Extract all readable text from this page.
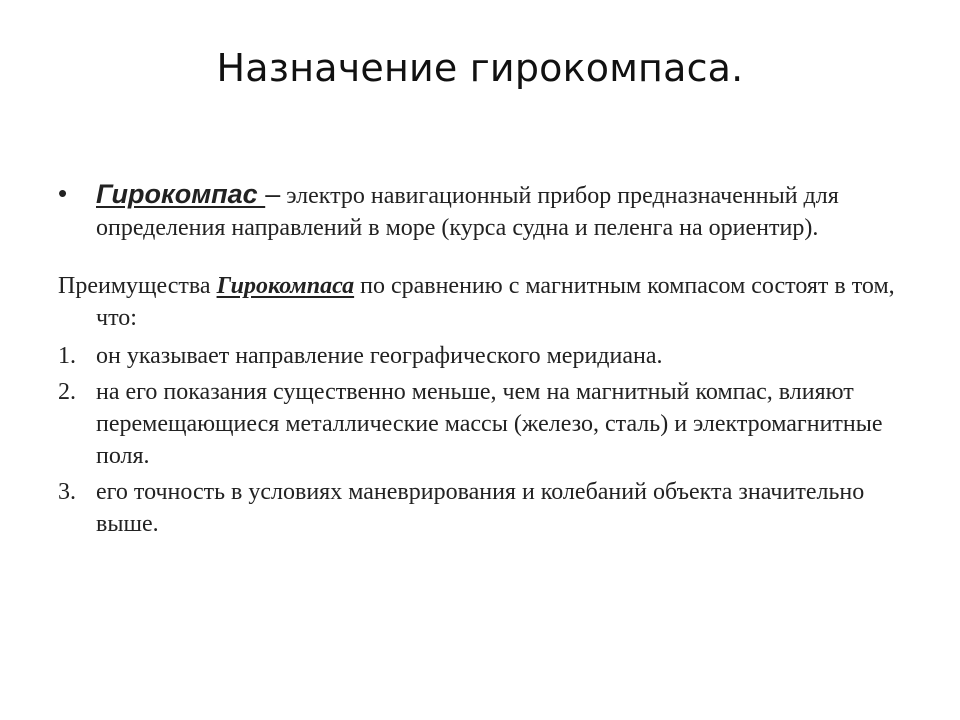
Назначение гирокомпаса.
• Гирокомпас – электро навигационный прибор предназначенный для определения направлений в море (курса судна и пеленга на ориентир).
Преимущества Гирокомпаса по сравнению с магнитным компасом состоят в том, что:
1. он указывает направление географического меридиана.
2. на его показания существенно меньше, чем на магнитный компас, влияют перемещающиеся металлические массы (железо, сталь) и электромагнитные поля.
3. его точность в условиях маневрирования и колебаний объекта значительно выше.
